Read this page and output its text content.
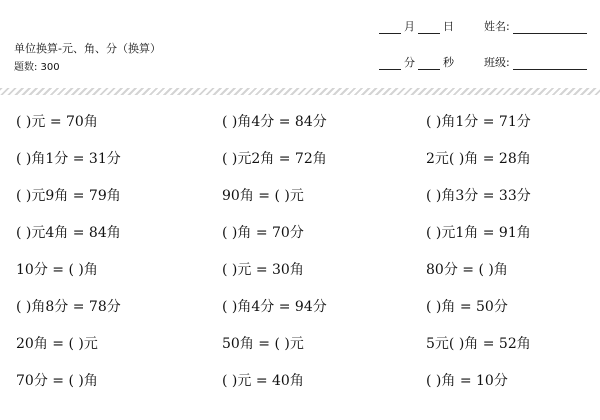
单位换算-元、角、分（换算）
题数: 300
月	日	姓名:
分	秒	班级:
( )元 = 70角	( )角4分 = 84分	( )角1分 = 71分
( )角1分 = 31分	( )元2角 = 72角	2元( )角 = 28角
( )元9角 = 79角	90角 = ( )元	( )角3分 = 33分
( )元4角 = 84角	( )角 = 70分	( )元1角 = 91角
10分 = ( )角	( )元 = 30角	80分 = ( )角
( )角8分 = 78分	( )角4分 = 94分	( )角 = 50分
20角 = ( )元	50角 = ( )元	5元( )角 = 52角
70分 = ( )角	( )元 = 40角	( )角 = 10分
